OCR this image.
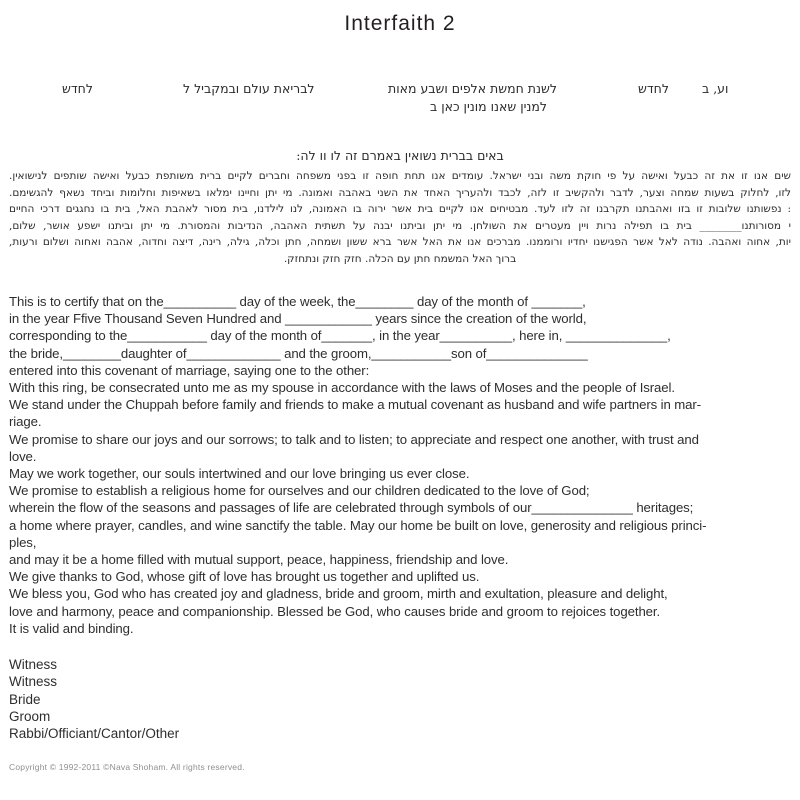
Interfaith 2
וע, ב
לחדש
לשנת חמשת אלפים ושבע מאות
לבריאת עולם ובמקביל ל
לחדש
למנין שאנו מונין כאן ב
באים בברית נשואין באמרם זה לו וו לה:
שים אנו זו את זה כבעל ואישה על פי חוקת משה ובני ישראל. עומדים אנו תחת חופה זו בפני משפחה וחברים לקיים ברית משותפת כבעל ואישה שותפים לנישואין.
לזו, לחלוק בשעות שמחה וצער, לדבר ולהקשיב זו לזה, לכבד ולהעריך האחד את השני באהבה ואמונה. מי יתן וחיינו ימלאו בשאיפות וחלומות וביחד נשאף להגשימם.
: נפשותנו שלובות זו בזו ואהבתנו תקרבנו זה לזו לעד. מבטיחים אנו לקיים בית אשר ירוה בו האמונה, לנו לילדנו, בית מסור לאהבת האל, בית בו נחגגים דרכי החיים
י מסורותנו________ בית בו תפילה נרות ויין מעטרים את השולחן. מי יתן וביתנו יבנה על תשתית האהבה, הנדיבות והמסורת. מי יתן וביתנו ישפע אושר, שלום,
יות, אחוה ואהבה. נודה לאל אשר הפגישנו יחדיו ורוממנו. מברכים אנו את האל אשר ברא ששון ושמחה, חתן וכלה, גילה, רינה, דיצה וחדוה, אהבה ואחוה ושלום ורעות,
ברוך האל המשמח חתן עם הכלה. חזק חזק ונתחזק.
This is to certify that on the__________ day of the week, the________ day of the month of _______,
in the year Ffive Thousand Seven Hundred and ____________ years since the creation of the world,
corresponding to the___________ day of the month of_______, in the year__________, here in, ______________,
the bride,________daughter of_____________ and the groom,___________son of______________
entered into this covenant of marriage, saying one to the other:
With this ring, be consecrated unto me as my spouse in accordance with the laws of Moses and the people of Israel.
We stand under the Chuppah before family and friends to make a mutual covenant as husband and wife partners in mar-
riage.
We promise to share our joys and our sorrows; to talk and to listen; to appreciate and respect one another, with trust and
love.
May we work together, our souls intertwined and our love bringing us ever close.
We promise to establish a religious home for ourselves and our children dedicated to the love of God;
wherein the flow of the seasons and passages of life are celebrated through symbols of our______________ heritages;
a home where prayer, candles, and wine sanctify the table. May our home be built on love, generosity and religious princi-
ples,
and may it be a home filled with mutual support, peace, happiness, friendship and love.
We give thanks to God, whose gift of love has brought us together and uplifted us.
We bless you, God who has created joy and gladness, bride and groom, mirth and exultation, pleasure and delight,
love and harmony, peace and companionship. Blessed be God, who causes bride and groom to rejoices together.
It is valid and binding.
Witness
Witness
Bride
Groom
Rabbi/Officiant/Cantor/Other
Copyright © 1992-2011 ©Nava Shoham. All rights reserved.
